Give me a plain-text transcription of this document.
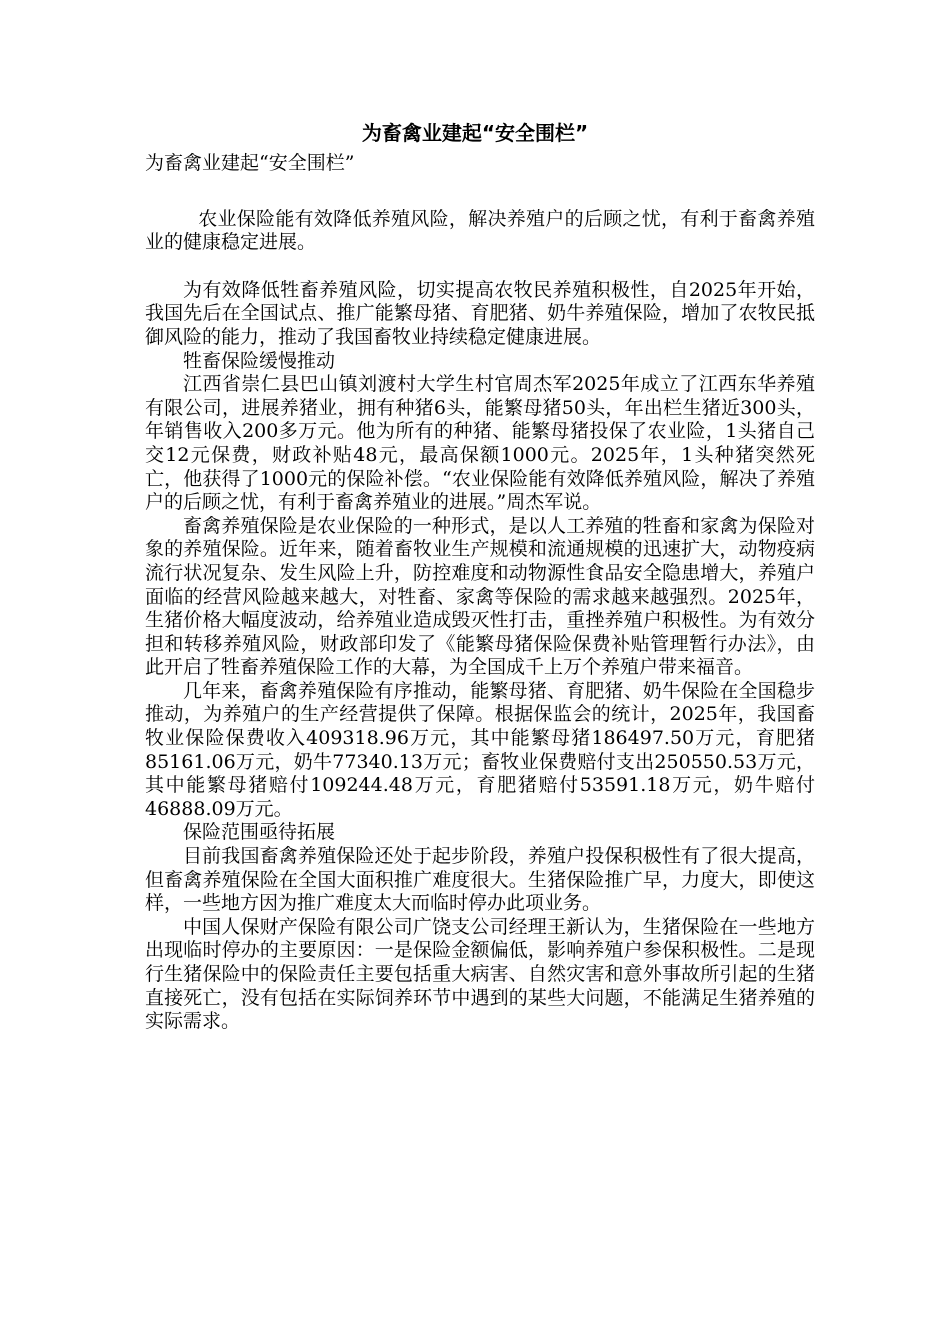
为畜禽业建起“安全围栏”

为畜禽业建起“安全围栏”

农业保险能有效降低养殖风险，解决养殖户的后顾之忧，有利于畜禽养殖业的健康稳定进展。

为有效降低牲畜养殖风险，切实提高农牧民养殖积极性，自2025年开始，我国先后在全国试点、推广能繁母猪、育肥猪、奶牛养殖保险，增加了农牧民抵御风险的能力，推动了我国畜牧业持续稳定健康进展。

牲畜保险缓慢推动

江西省崇仁县巴山镇刘渡村大学生村官周杰军2025年成立了江西东华养殖有限公司，进展养猪业，拥有种猪6头，能繁母猪50头，年出栏生猪近300头，年销售收入200多万元。他为所有的种猪、能繁母猪投保了农业险，1头猪自己交12元保费，财政补贴48元，最高保额1000元。2025年，1头种猪突然死亡，他获得了1000元的保险补偿。“农业保险能有效降低养殖风险，解决了养殖户的后顾之忧，有利于畜禽养殖业的进展。”周杰军说。

畜禽养殖保险是农业保险的一种形式，是以人工养殖的牲畜和家禽为保险对象的养殖保险。近年来，随着畜牧业生产规模和流通规模的迅速扩大，动物疫病流行状况复杂、发生风险上升，防控难度和动物源性食品安全隐患增大，养殖户面临的经营风险越来越大，对牲畜、家禽等保险的需求越来越强烈。2025年，生猪价格大幅度波动，给养殖业造成毁灭性打击，重挫养殖户积极性。为有效分担和转移养殖风险，财政部印发了《能繁母猪保险保费补贴管理暂行办法》，由此开启了牲畜养殖保险工作的大幕，为全国成千上万个养殖户带来福音。

几年来，畜禽养殖保险有序推动，能繁母猪、育肥猪、奶牛保险在全国稳步推动，为养殖户的生产经营提供了保障。根据保监会的统计，2025年，我国畜牧业保险保费收入409318.96万元，其中能繁母猪186497.50万元，育肥猪85161.06万元，奶牛77340.13万元；畜牧业保费赔付支出250550.53万元，其中能繁母猪赔付109244.48万元，育肥猪赔付53591.18万元，奶牛赔付46888.09万元。

保险范围亟待拓展

目前我国畜禽养殖保险还处于起步阶段，养殖户投保积极性有了很大提高，但畜禽养殖保险在全国大面积推广难度很大。生猪保险推广早，力度大，即使这样，一些地方因为推广难度太大而临时停办此项业务。

中国人保财产保险有限公司广饶支公司经理王新认为，生猪保险在一些地方出现临时停办的主要原因：一是保险金额偏低，影响养殖户参保积极性。二是现行生猪保险中的保险责任主要包括重大病害、自然灾害和意外事故所引起的生猪直接死亡，没有包括在实际饲养环节中遇到的某些大问题，不能满足生猪养殖的实际需求。
